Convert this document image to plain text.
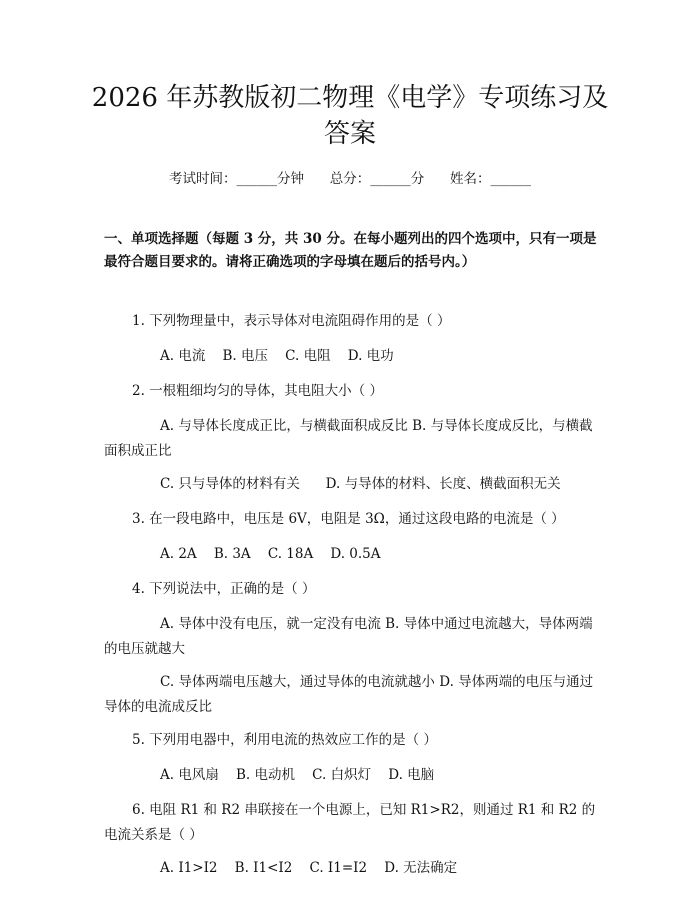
2026 年苏教版初二物理《电学》专项练习及
答案
考试时间：______分钟      总分：______分      姓名：______
一、单项选择题（每题 3 分，共 30 分。在每小题列出的四个选项中，只有一项是最符合题目要求的。请将正确选项的字母填在题后的括号内。）
1. 下列物理量中，表示导体对电流阻碍作用的是（ ）
A. 电流    B. 电压    C. 电阻    D. 电功
2. 一根粗细均匀的导体，其电阻大小（ ）
A. 与导体长度成正比，与横截面积成反比 B. 与导体长度成反比，与横截面积成正比
C. 只与导体的材料有关      D. 与导体的材料、长度、横截面积无关
3. 在一段电路中，电压是 6V，电阻是 3Ω，通过这段电路的电流是（ ）
A. 2A    B. 3A    C. 18A    D. 0.5A
4. 下列说法中，正确的是（ ）
A. 导体中没有电压，就一定没有电流 B. 导体中通过电流越大，导体两端的电压就越大
C. 导体两端电压越大，通过导体的电流就越小 D. 导体两端的电压与通过导体的电流成反比
5. 下列用电器中，利用电流的热效应工作的是（ ）
A. 电风扇    B. 电动机    C. 白炽灯    D. 电脑
6. 电阻 R1 和 R2 串联接在一个电源上，已知 R1>R2，则通过 R1 和 R2 的电流关系是（ ）
A. I1>I2    B. I1<I2    C. I1=I2    D. 无法确定
